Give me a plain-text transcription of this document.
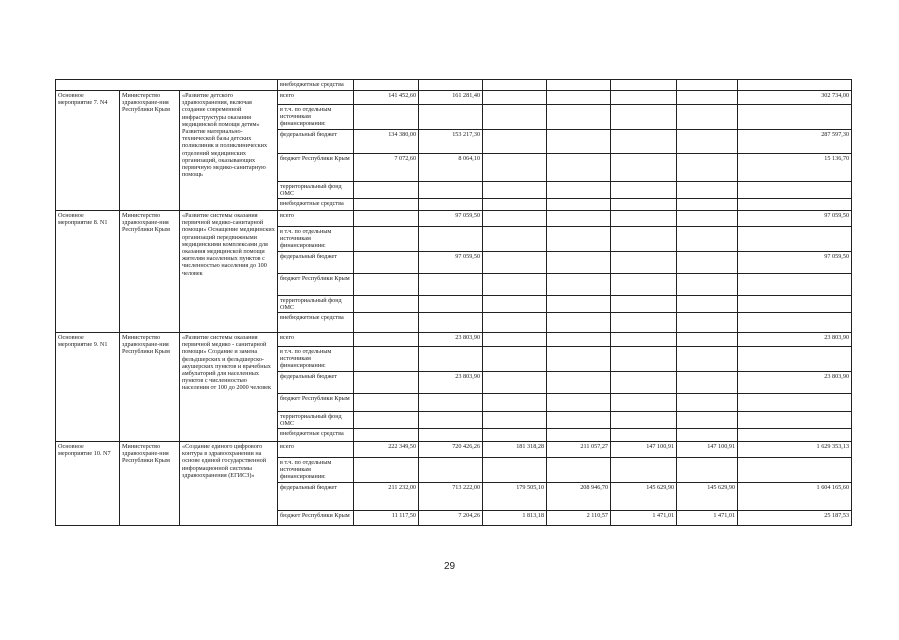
			внебюджетные средства							
Основное мероприятие 7. N4	Министерство здравоохране-ния Республики Крым	«Развитие детского здравоохранения, включая создание современной инфраструктуры оказания медицинской помощи детям» Развитие материально-технической базы детских поликлиник и поликлинических отделений медицинских организаций, оказывающих первичную медико-санитарную помощь	всего	141 452,60	161 281,40					302 734,00
			в т.ч. по отдельным источникам финансирования:							
			федеральный бюджет	134 380,00	153 217,30					287 597,30
			бюджет Республики Крым	7 072,60	8 064,10					15 136,70
			территориальный фонд ОМС							
			внебюджетные средства							
Основное мероприятие 8. N1	Министерство здравоохране-ния Республики Крым	«Развитие системы оказания первичной медико-санитарной помощи» Оснащение медицинских организаций передвижными медицинскими комплексами для оказания медицинской помощи жителям населенных пунктов с численностью населения до 100 человек	всего		97 059,50					97 059,50
			в т.ч. по отдельным источникам финансирования:							
			федеральный бюджет		97 059,50					97 059,50
			бюджет Республики Крым							
			территориальный фонд ОМС							
			внебюджетные средства							
Основное мероприятие 9. N1	Министерство здравоохране-ния Республики Крым	«Развитие системы оказания первичной медико - санитарной помощи» Создание и замена фельдшерских и фельдшерско-акушерских пунктов и врачебных амбулаторий для населенных пунктов с численностью населения от 100 до 2000 человек	всего		23 803,90					23 803,90
			в т.ч. по отдельным источникам финансирования:							
			федеральный бюджет		23 803,90					23 803,90
			бюджет Республики Крым							
			территориальный фонд ОМС							
			внебюджетные средства							
Основное мероприятие 10. N7	Министерство здравоохране-ния Республики Крым	«Создание единого цифрового контура в здравоохранении на основе единой государственной информационной системы здравоохранения (ЕГИСЗ)»	всего	222 349,50	720 426,26	181 318,28	211 057,27	147 100,91	147 100,91	1 629 353,13
			в т.ч. по отдельным источникам финансирования:							
			федеральный бюджет	211 232,00	713 222,00	179 505,10	208 946,70	145 629,90	145 629,90	1 604 165,60
			бюджет Республики Крым	11 117,50	7 204,26	1 813,18	2 110,57	1 471,01	1 471,01	25 187,53
29
